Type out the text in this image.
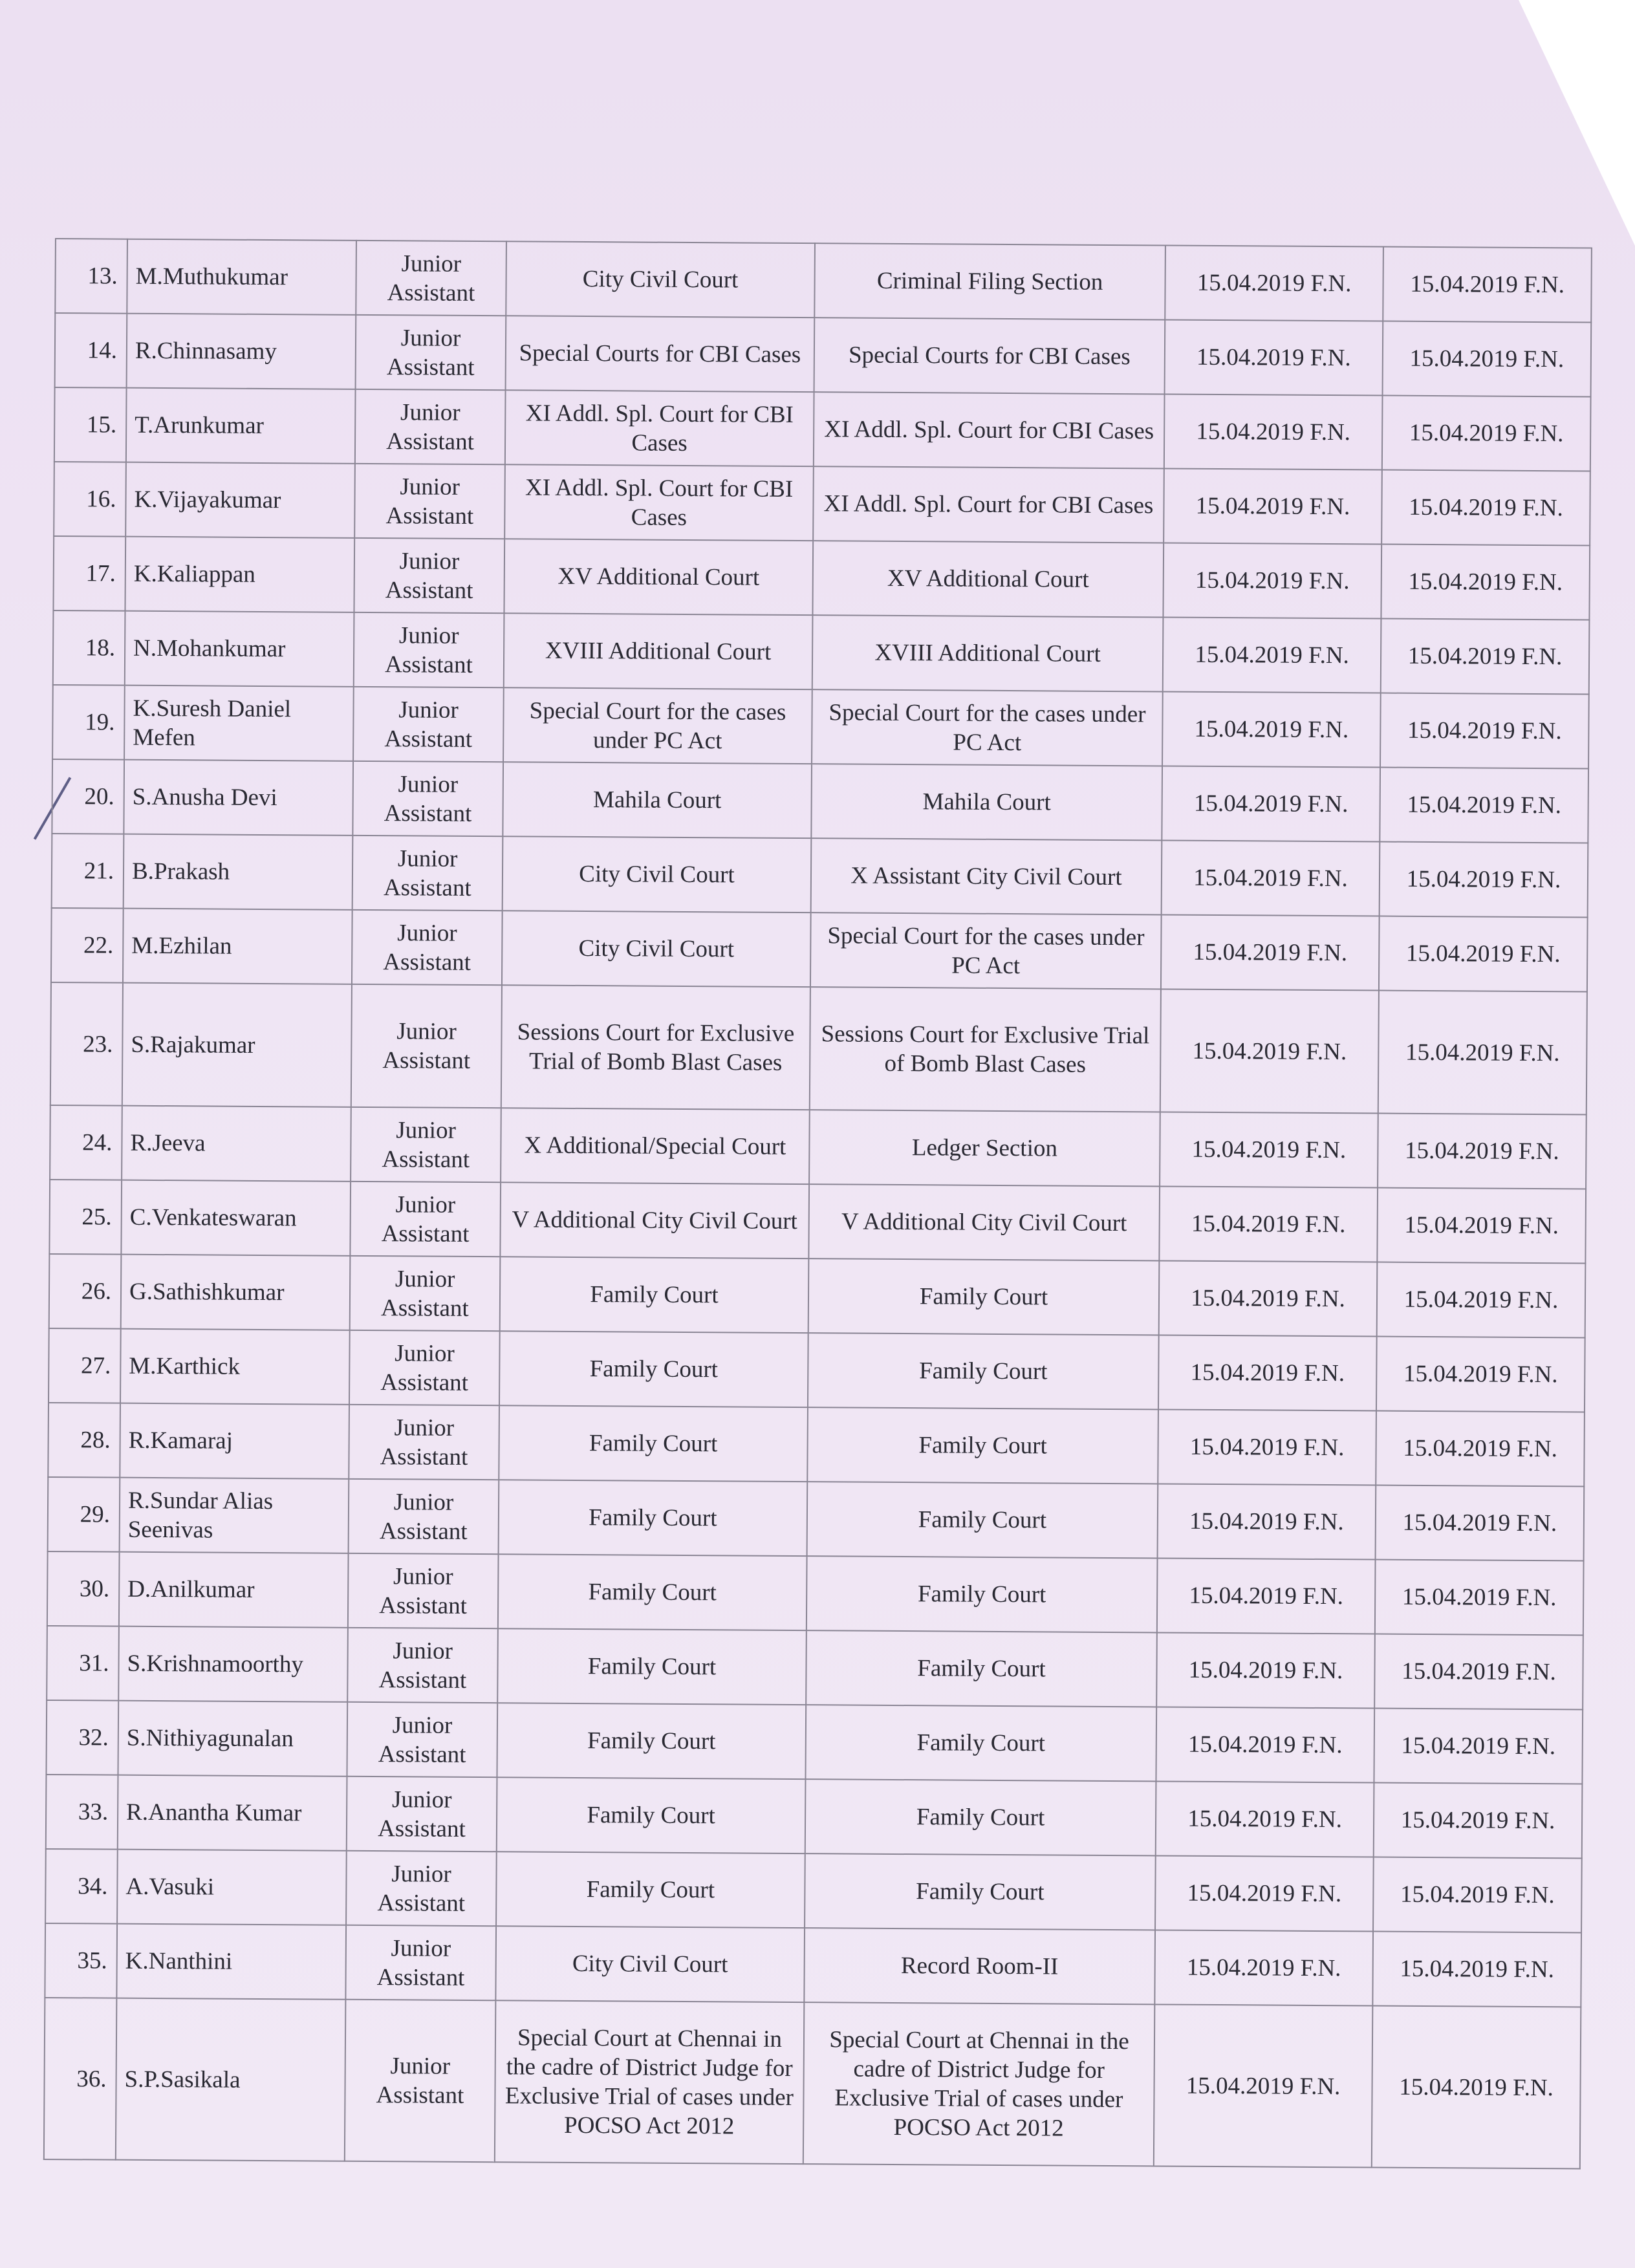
13.	M.Muthukumar	Junior Assistant	City Civil Court	Criminal Filing Section	15.04.2019 F.N.	15.04.2019 F.N.
14.	R.Chinnasamy	Junior Assistant	Special Courts for CBI Cases	Special Courts for CBI Cases	15.04.2019 F.N.	15.04.2019 F.N.
15.	T.Arunkumar	Junior Assistant	XI Addl. Spl. Court for CBI Cases	XI Addl. Spl. Court for CBI Cases	15.04.2019 F.N.	15.04.2019 F.N.
16.	K.Vijayakumar	Junior Assistant	XI Addl. Spl. Court for CBI Cases	XI Addl. Spl. Court for CBI Cases	15.04.2019 F.N.	15.04.2019 F.N.
17.	K.Kaliappan	Junior Assistant	XV Additional Court	XV Additional Court	15.04.2019 F.N.	15.04.2019 F.N.
18.	N.Mohankumar	Junior Assistant	XVIII Additional Court	XVIII Additional Court	15.04.2019 F.N.	15.04.2019 F.N.
19.	K.Suresh Daniel Mefen	Junior Assistant	Special Court for the cases under PC Act	Special Court for the cases under PC Act	15.04.2019 F.N.	15.04.2019 F.N.
20.	S.Anusha Devi	Junior Assistant	Mahila Court	Mahila Court	15.04.2019 F.N.	15.04.2019 F.N.
21.	B.Prakash	Junior Assistant	City Civil Court	X Assistant City Civil Court	15.04.2019 F.N.	15.04.2019 F.N.
22.	M.Ezhilan	Junior Assistant	City Civil Court	Special Court for the cases under PC Act	15.04.2019 F.N.	15.04.2019 F.N.
23.	S.Rajakumar	Junior Assistant	Sessions Court for Exclusive Trial of Bomb Blast Cases	Sessions Court for Exclusive Trial of Bomb Blast Cases	15.04.2019 F.N.	15.04.2019 F.N.
24.	R.Jeeva	Junior Assistant	X Additional/Special Court	Ledger Section	15.04.2019 F.N.	15.04.2019 F.N.
25.	C.Venkateswaran	Junior Assistant	V Additional City Civil Court	V Additional City Civil Court	15.04.2019 F.N.	15.04.2019 F.N.
26.	G.Sathishkumar	Junior Assistant	Family Court	Family Court	15.04.2019 F.N.	15.04.2019 F.N.
27.	M.Karthick	Junior Assistant	Family Court	Family Court	15.04.2019 F.N.	15.04.2019 F.N.
28.	R.Kamaraj	Junior Assistant	Family Court	Family Court	15.04.2019 F.N.	15.04.2019 F.N.
29.	R.Sundar Alias Seenivas	Junior Assistant	Family Court	Family Court	15.04.2019 F.N.	15.04.2019 F.N.
30.	D.Anilkumar	Junior Assistant	Family Court	Family Court	15.04.2019 F.N.	15.04.2019 F.N.
31.	S.Krishnamoorthy	Junior Assistant	Family Court	Family Court	15.04.2019 F.N.	15.04.2019 F.N.
32.	S.Nithiyagunalan	Junior Assistant	Family Court	Family Court	15.04.2019 F.N.	15.04.2019 F.N.
33.	R.Anantha Kumar	Junior Assistant	Family Court	Family Court	15.04.2019 F.N.	15.04.2019 F.N.
34.	A.Vasuki	Junior Assistant	Family Court	Family Court	15.04.2019 F.N.	15.04.2019 F.N.
35.	K.Nanthini	Junior Assistant	City Civil Court	Record Room-II	15.04.2019 F.N.	15.04.2019 F.N.
36.	S.P.Sasikala	Junior Assistant	Special Court at Chennai in the cadre of District Judge for Exclusive Trial of cases under POCSO Act 2012	Special Court at Chennai in the cadre of District Judge for Exclusive Trial of cases under POCSO Act 2012	15.04.2019 F.N.	15.04.2019 F.N.
